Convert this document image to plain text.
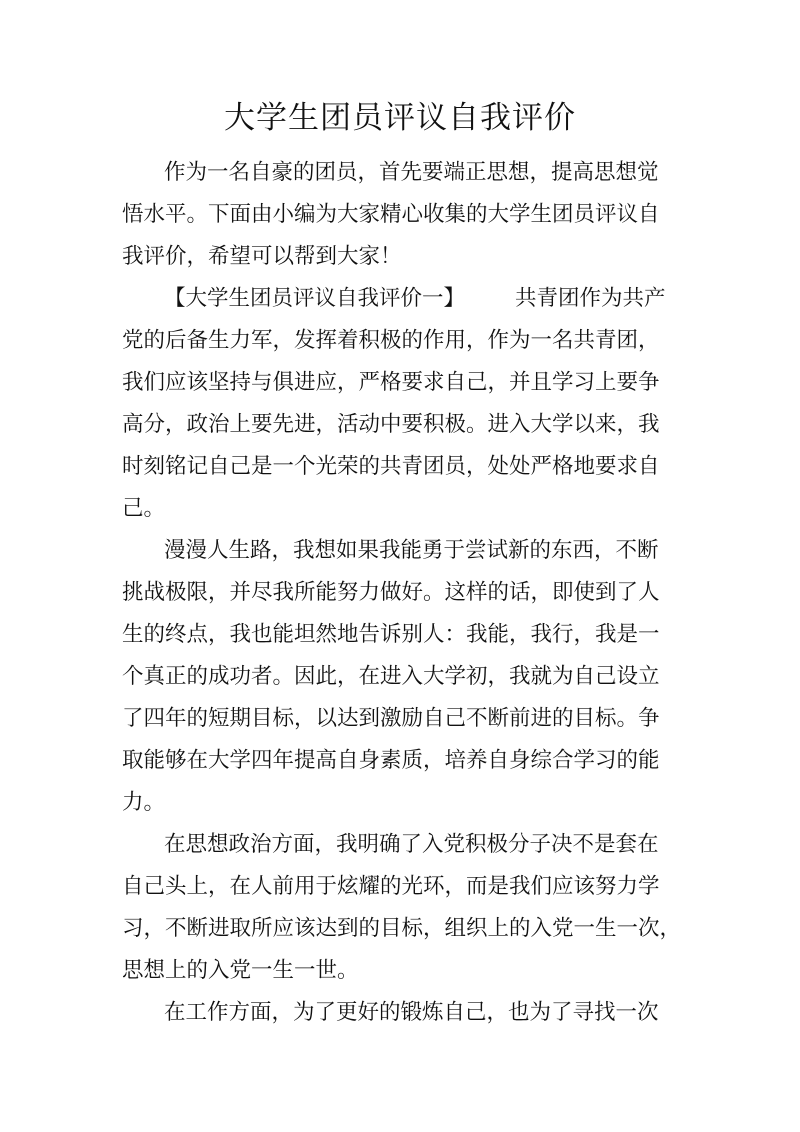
大学生团员评议自我评价

作为一名自豪的团员，首先要端正思想，提高思想觉

悟水平。下面由小编为大家精心收集的大学生团员评议自

我评价，希望可以帮到大家！

【大学生团员评议自我评价一】 共青团作为共产

党的后备生力军，发挥着积极的作用，作为一名共青团，

我们应该坚持与俱进应，严格要求自己，并且学习上要争

高分，政治上要先进，活动中要积极。进入大学以来，我

时刻铭记自己是一个光荣的共青团员，处处严格地要求自

己。

漫漫人生路，我想如果我能勇于尝试新的东西，不断

挑战极限，并尽我所能努力做好。这样的话，即使到了人

生的终点，我也能坦然地告诉别人：我能，我行，我是一

个真正的成功者。因此，在进入大学初，我就为自己设立

了四年的短期目标，以达到激励自己不断前进的目标。争

取能够在大学四年提高自身素质，培养自身综合学习的能

力。

在思想政治方面，我明确了入党积极分子决不是套在

自己头上，在人前用于炫耀的光环，而是我们应该努力学

习，不断进取所应该达到的目标，组织上的入党一生一次，

思想上的入党一生一世。

在工作方面，为了更好的锻炼自己，也为了寻找一次
